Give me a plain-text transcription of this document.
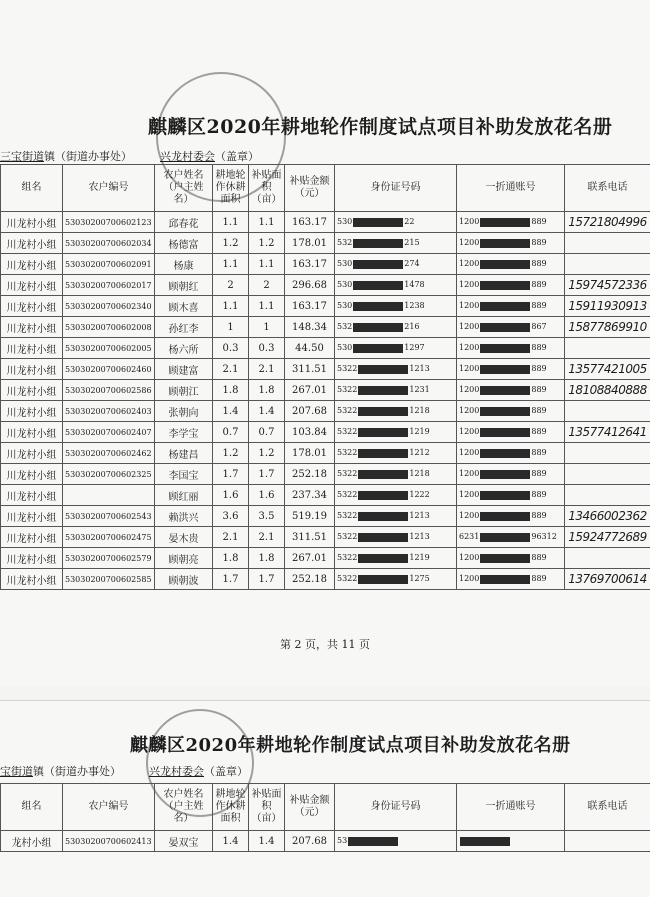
麒麟区2020年耕地轮作制度试点项目补助发放花名册
三宝街道镇（街道办事处）	兴龙村委会（盖章）
组名	农户编号	农户姓名（户主姓名）	耕地轮作休耕面积	补贴面积（亩）	补贴金额（元）	身份证号码	一折通账号	联系电话
川龙村小组	53030200700602123	邱春花	1.1	1.1	163.17	530 22	1200 889	15721804996
川龙村小组	53030200700602034	杨德富	1.2	1.2	178.01	532 215	1200 889	
川龙村小组	53030200700602091	杨康	1.1	1.1	163.17	530 274	1200 889	
川龙村小组	53030200700602017	顾朝红	2	2	296.68	530 1478	1200 889	15974572336
川龙村小组	53030200700602340	顾木喜	1.1	1.1	163.17	530 1238	1200 889	15911930913
川龙村小组	53030200700602008	孙红李	1	1	148.34	532 216	1200 867	15877869910
川龙村小组	53030200700602005	杨六所	0.3	0.3	44.50	530 1297	1200 889	
川龙村小组	53030200700602460	顾建富	2.1	2.1	311.51	5322 1213	1200 889	13577421005
川龙村小组	53030200700602586	顾朝江	1.8	1.8	267.01	5322 1231	1200 889	18108840888
川龙村小组	53030200700602403	张朝向	1.4	1.4	207.68	5322 1218	1200 889	
川龙村小组	53030200700602407	李学宝	0.7	0.7	103.84	5322 1219	1200 889	13577412641
川龙村小组	53030200700602462	杨建昌	1.2	1.2	178.01	5322 1212	1200 889	
川龙村小组	53030200700602325	李国宝	1.7	1.7	252.18	5322 1218	1200 889	
川龙村小组		顾红丽	1.6	1.6	237.34	5322 1222	1200 889	
川龙村小组	53030200700602543	赖洪兴	3.6	3.5	519.19	5322 1213	1200 889	13466002362
川龙村小组	53030200700602475	晏木贵	2.1	2.1	311.51	5322 1213	6231 96312	15924772689
川龙村小组	53030200700602579	顾朝亮	1.8	1.8	267.01	5322 1219	1200 889	
川龙村小组	53030200700602585	顾朝波	1.7	1.7	252.18	5322 1275	1200 889	13769700614
第 2 页，共 11 页
麒麟区2020年耕地轮作制度试点项目补助发放花名册
宝街道镇（街道办事处）	兴龙村委会（盖章）
组名	农户编号	农户姓名（户主姓名）	耕地轮作休耕面积	补贴面积（亩）	补贴金额（元）	身份证号码	一折通账号	联系电话
龙村小组	53030200700602413	晏双宝	1.4	1.4	207.68	53		
